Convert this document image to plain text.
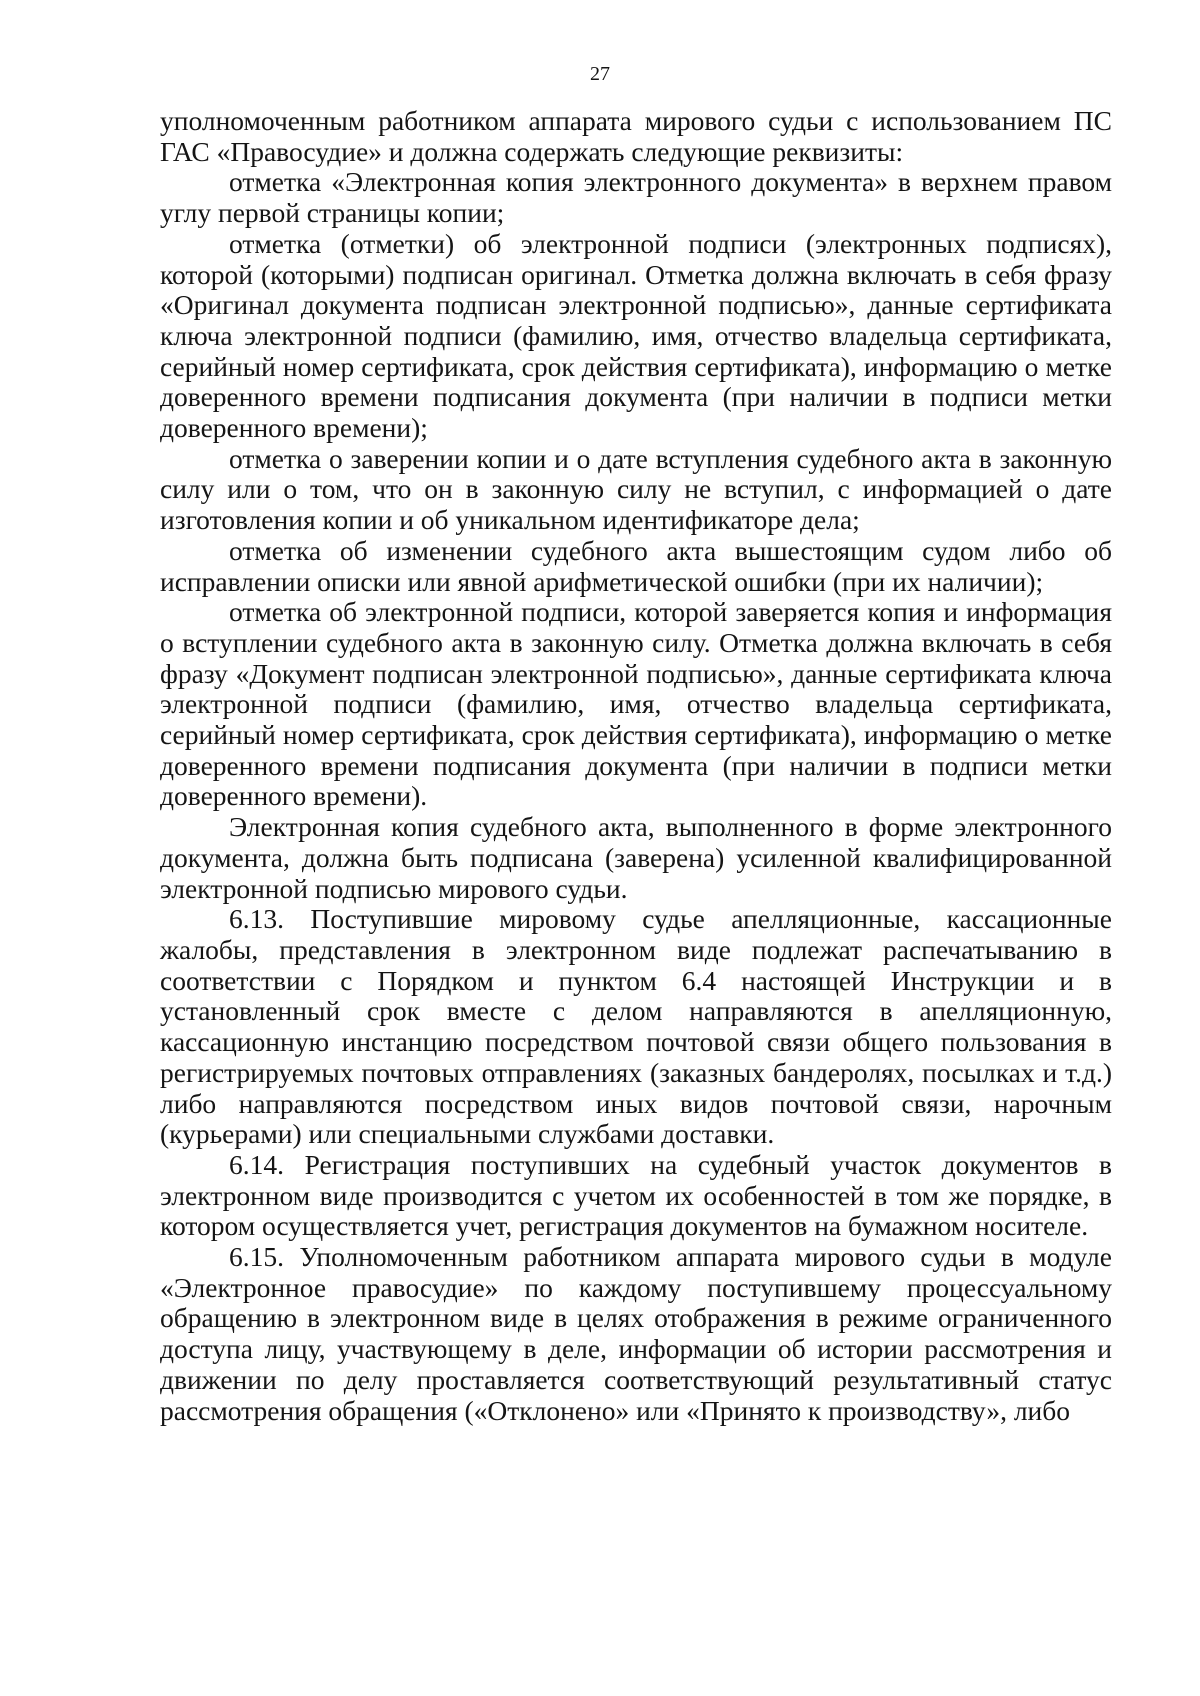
27

уполномоченным работником аппарата мирового судьи с использованием ПС ГАС «Правосудие» и должна содержать следующие реквизиты:

отметка «Электронная копия электронного документа» в верхнем правом углу первой страницы копии;

отметка (отметки) об электронной подписи (электронных подписях), которой (которыми) подписан оригинал. Отметка должна включать в себя фразу «Оригинал документа подписан электронной подписью», данные сертификата ключа электронной подписи (фамилию, имя, отчество владельца сертификата, серийный номер сертификата, срок действия сертификата), информацию о метке доверенного времени подписания документа (при наличии в подписи метки доверенного времени);

отметка о заверении копии и о дате вступления судебного акта в законную силу или о том, что он в законную силу не вступил, с информацией о дате изготовления копии и об уникальном идентификаторе дела;

отметка об изменении судебного акта вышестоящим судом либо об исправлении описки или явной арифметической ошибки (при их наличии);

отметка об электронной подписи, которой заверяется копия и информация о вступлении судебного акта в законную силу. Отметка должна включать в себя фразу «Документ подписан электронной подписью», данные сертификата ключа электронной подписи (фамилию, имя, отчество владельца сертификата, серийный номер сертификата, срок действия сертификата), информацию о метке доверенного времени подписания документа (при наличии в подписи метки доверенного времени).

Электронная копия судебного акта, выполненного в форме электронного документа, должна быть подписана (заверена) усиленной квалифицированной электронной подписью мирового судьи.

6.13. Поступившие мировому судье апелляционные, кассационные жалобы, представления в электронном виде подлежат распечатыванию в соответствии с Порядком и пунктом 6.4 настоящей Инструкции и в установленный срок вместе с делом направляются в апелляционную, кассационную инстанцию посредством почтовой связи общего пользования в регистрируемых почтовых отправлениях (заказных бандеролях, посылках и т.д.) либо направляются посредством иных видов почтовой связи, нарочным (курьерами) или специальными службами доставки.

6.14. Регистрация поступивших на судебный участок документов в электронном виде производится с учетом их особенностей в том же порядке, в котором осуществляется учет, регистрация документов на бумажном носителе.

6.15. Уполномоченным работником аппарата мирового судьи в модуле «Электронное правосудие» по каждому поступившему процессуальному обращению в электронном виде в целях отображения в режиме ограниченного доступа лицу, участвующему в деле, информации об истории рассмотрения и движении по делу проставляется соответствующий результативный статус рассмотрения обращения («Отклонено» или «Принято к производству», либо
